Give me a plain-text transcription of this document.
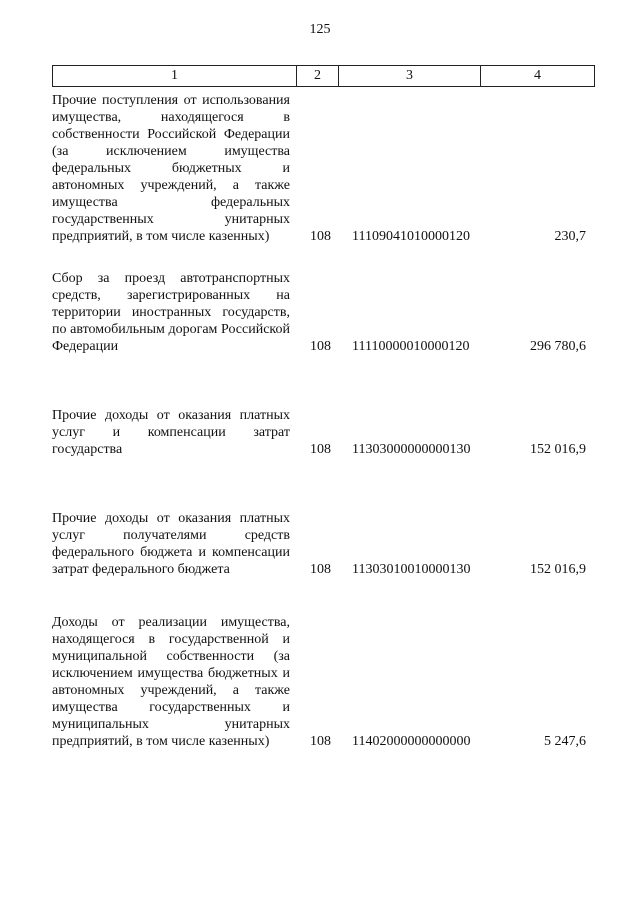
125
1	2	3	4
Прочие поступления от использования имущества, находящегося в собственности Российской Федерации (за исключением имущества федеральных бюджетных и автономных учреждений, а также имущества федеральных государственных унитарных предприятий, в том числе казенных)	108 11109041010000120	230,7
Сбор за проезд автотранспортных средств, зарегистрированных на территории иностранных государств, по автомобильным дорогам Российской Федерации	108 11110000010000120	296 780,6
Прочие доходы от оказания платных услуг и компенсации затрат государства	108 11303000000000130	152 016,9
Прочие доходы от оказания платных услуг получателями средств федерального бюджета и компенсации затрат федерального бюджета	108 11303010010000130	152 016,9
Доходы от реализации имущества, находящегося в государственной и муниципальной собственности (за исключением имущества бюджетных и автономных учреждений, а также имущества государственных и муниципальных унитарных предприятий, в том числе казенных)	108 11402000000000000	5 247,6
